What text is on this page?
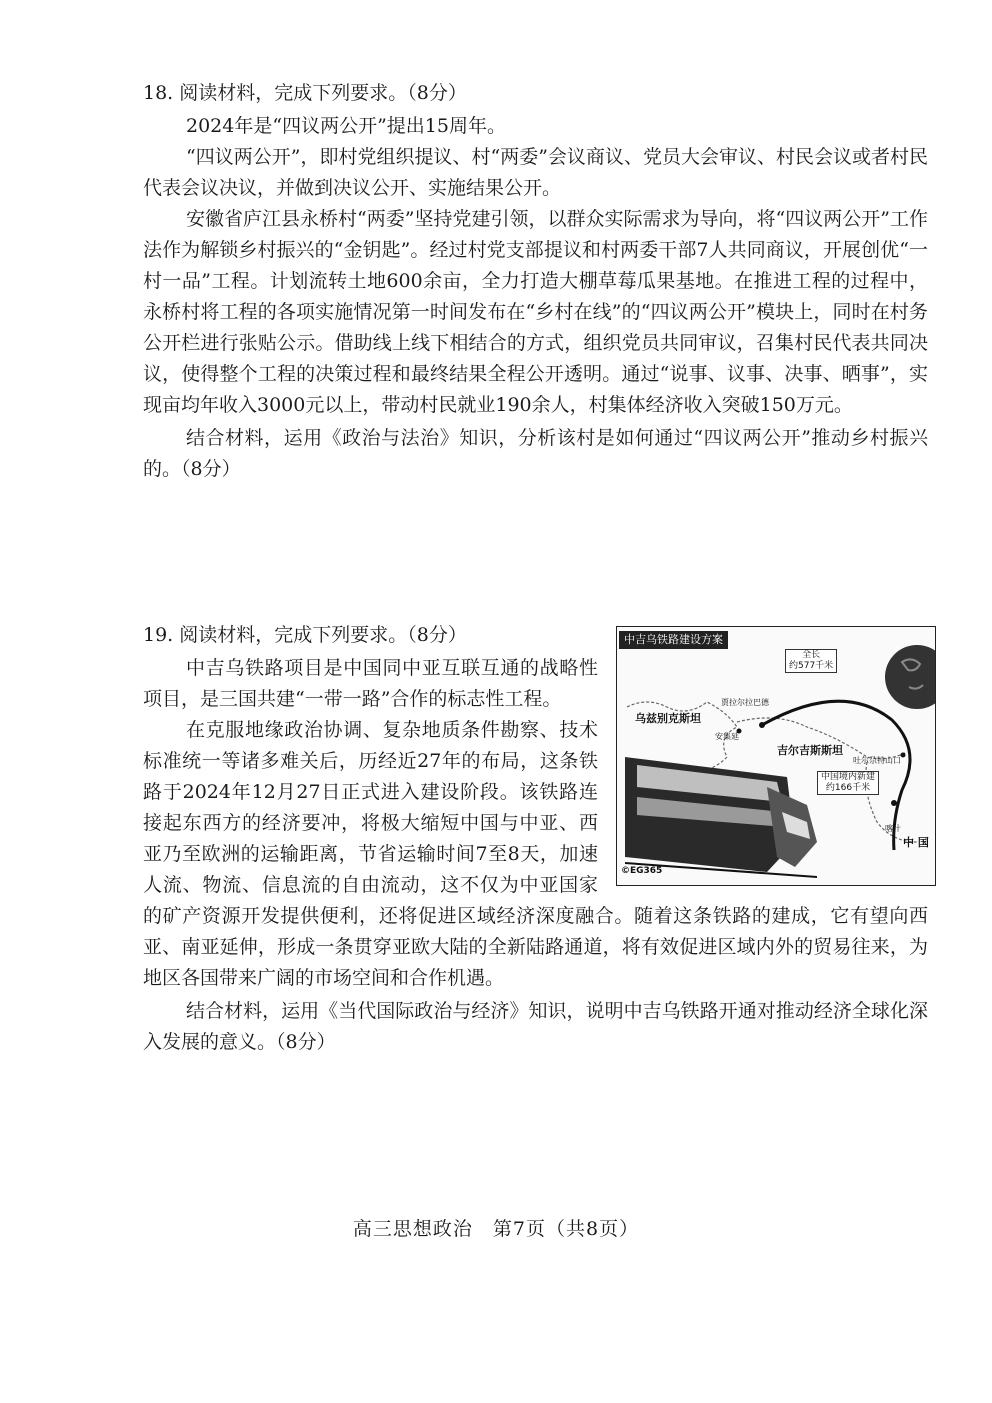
18. 阅读材料，完成下列要求。（8分）

2024年是“四议两公开”提出15周年。

“四议两公开”，即村党组织提议、村“两委”会议商议、党员大会审议、村民会议或者村民代表会议决议，并做到决议公开、实施结果公开。

安徽省庐江县永桥村“两委”坚持党建引领，以群众实际需求为导向，将“四议两公开”工作法作为解锁乡村振兴的“金钥匙”。经过村党支部提议和村两委干部7人共同商议，开展创优“一村一品”工程。计划流转土地600余亩，全力打造大棚草莓瓜果基地。在推进工程的过程中，永桥村将工程的各项实施情况第一时间发布在“乡村在线”的“四议两公开”模块上，同时在村务公开栏进行张贴公示。借助线上线下相结合的方式，组织党员共同审议，召集村民代表共同决议，使得整个工程的决策过程和最终结果全程公开透明。通过“说事、议事、决事、晒事”，实现亩均年收入3000元以上，带动村民就业190余人，村集体经济收入突破150万元。

结合材料，运用《政治与法治》知识，分析该村是如何通过“四议两公开”推动乡村振兴的。（8分）

中吉乌铁路建设方案
全长
约577千米
贾拉尔拉巴德
乌兹别克斯坦
安集延
吉尔吉斯斯坦
吐尔尕特山口
中国境内新建
约166千米
喀什
中 国
©EG365

19. 阅读材料，完成下列要求。（8分）

中吉乌铁路项目是中国同中亚互联互通的战略性项目，是三国共建“一带一路”合作的标志性工程。

在克服地缘政治协调、复杂地质条件勘察、技术标准统一等诸多难关后，历经近27年的布局，这条铁路于2024年12月27日正式进入建设阶段。该铁路连接起东西方的经济要冲，将极大缩短中国与中亚、西亚乃至欧洲的运输距离，节省运输时间7至8天，加速人流、物流、信息流的自由流动，这不仅为中亚国家的矿产资源开发提供便利，还将促进区域经济深度融合。随着这条铁路的建成，它有望向西亚、南亚延伸，形成一条贯穿亚欧大陆的全新陆路通道，将有效促进区域内外的贸易往来，为地区各国带来广阔的市场空间和合作机遇。

结合材料，运用《当代国际政治与经济》知识，说明中吉乌铁路开通对推动经济全球化深入发展的意义。（8分）

高三思想政治　第7页（共8页）
